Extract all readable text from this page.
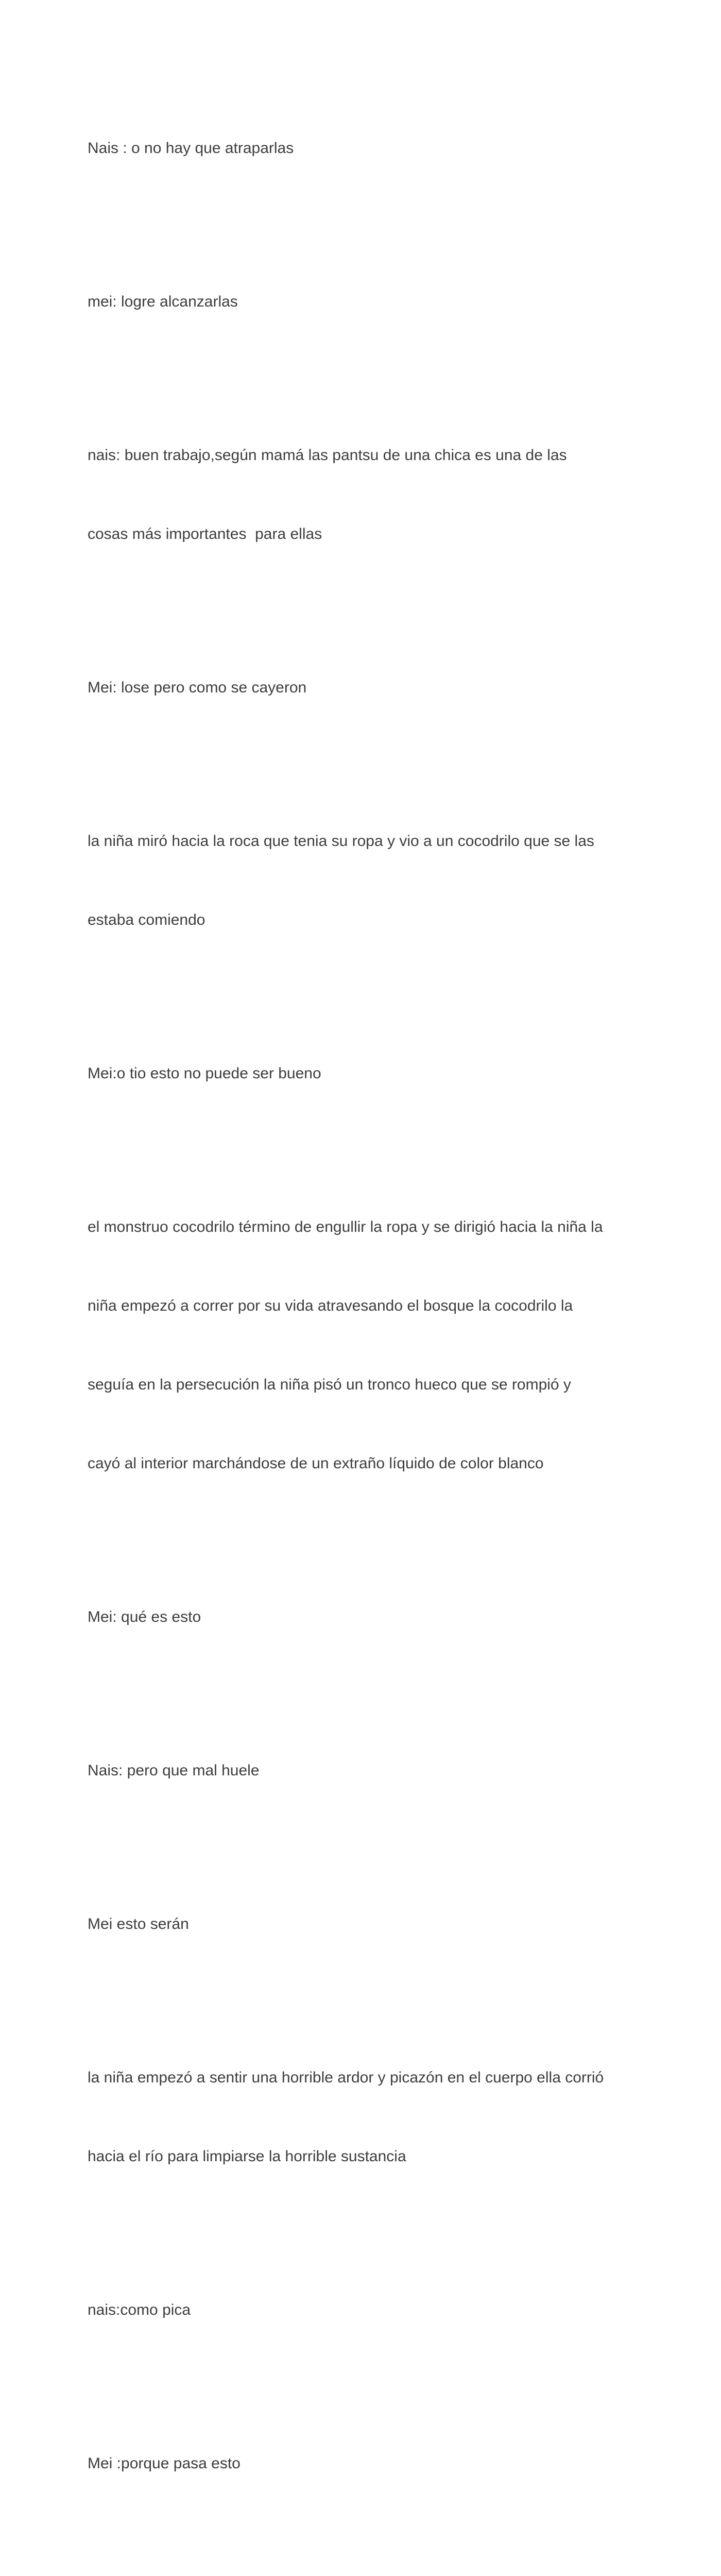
Nais : o no hay que atraparlas

mei: logre alcanzarlas

nais: buen trabajo,según mamá las pantsu de una chica es una de las

cosas más importantes  para ellas

Mei: lose pero como se cayeron

la niña miró hacia la roca que tenia su ropa y vio a un cocodrilo que se las

estaba comiendo

Mei:o tio esto no puede ser bueno

el monstruo cocodrilo término de engullir la ropa y se dirigió hacia la niña la

niña empezó a correr por su vida atravesando el bosque la cocodrilo la

seguía en la persecución la niña pisó un tronco hueco que se rompió y

cayó al interior marchándose de un extraño líquido de color blanco

Mei: qué es esto

Nais: pero que mal huele

Mei esto serán

la niña empezó a sentir una horrible ardor y picazón en el cuerpo ella corrió

hacia el río para limpiarse la horrible sustancia

nais:como pica

Mei :porque pasa esto
